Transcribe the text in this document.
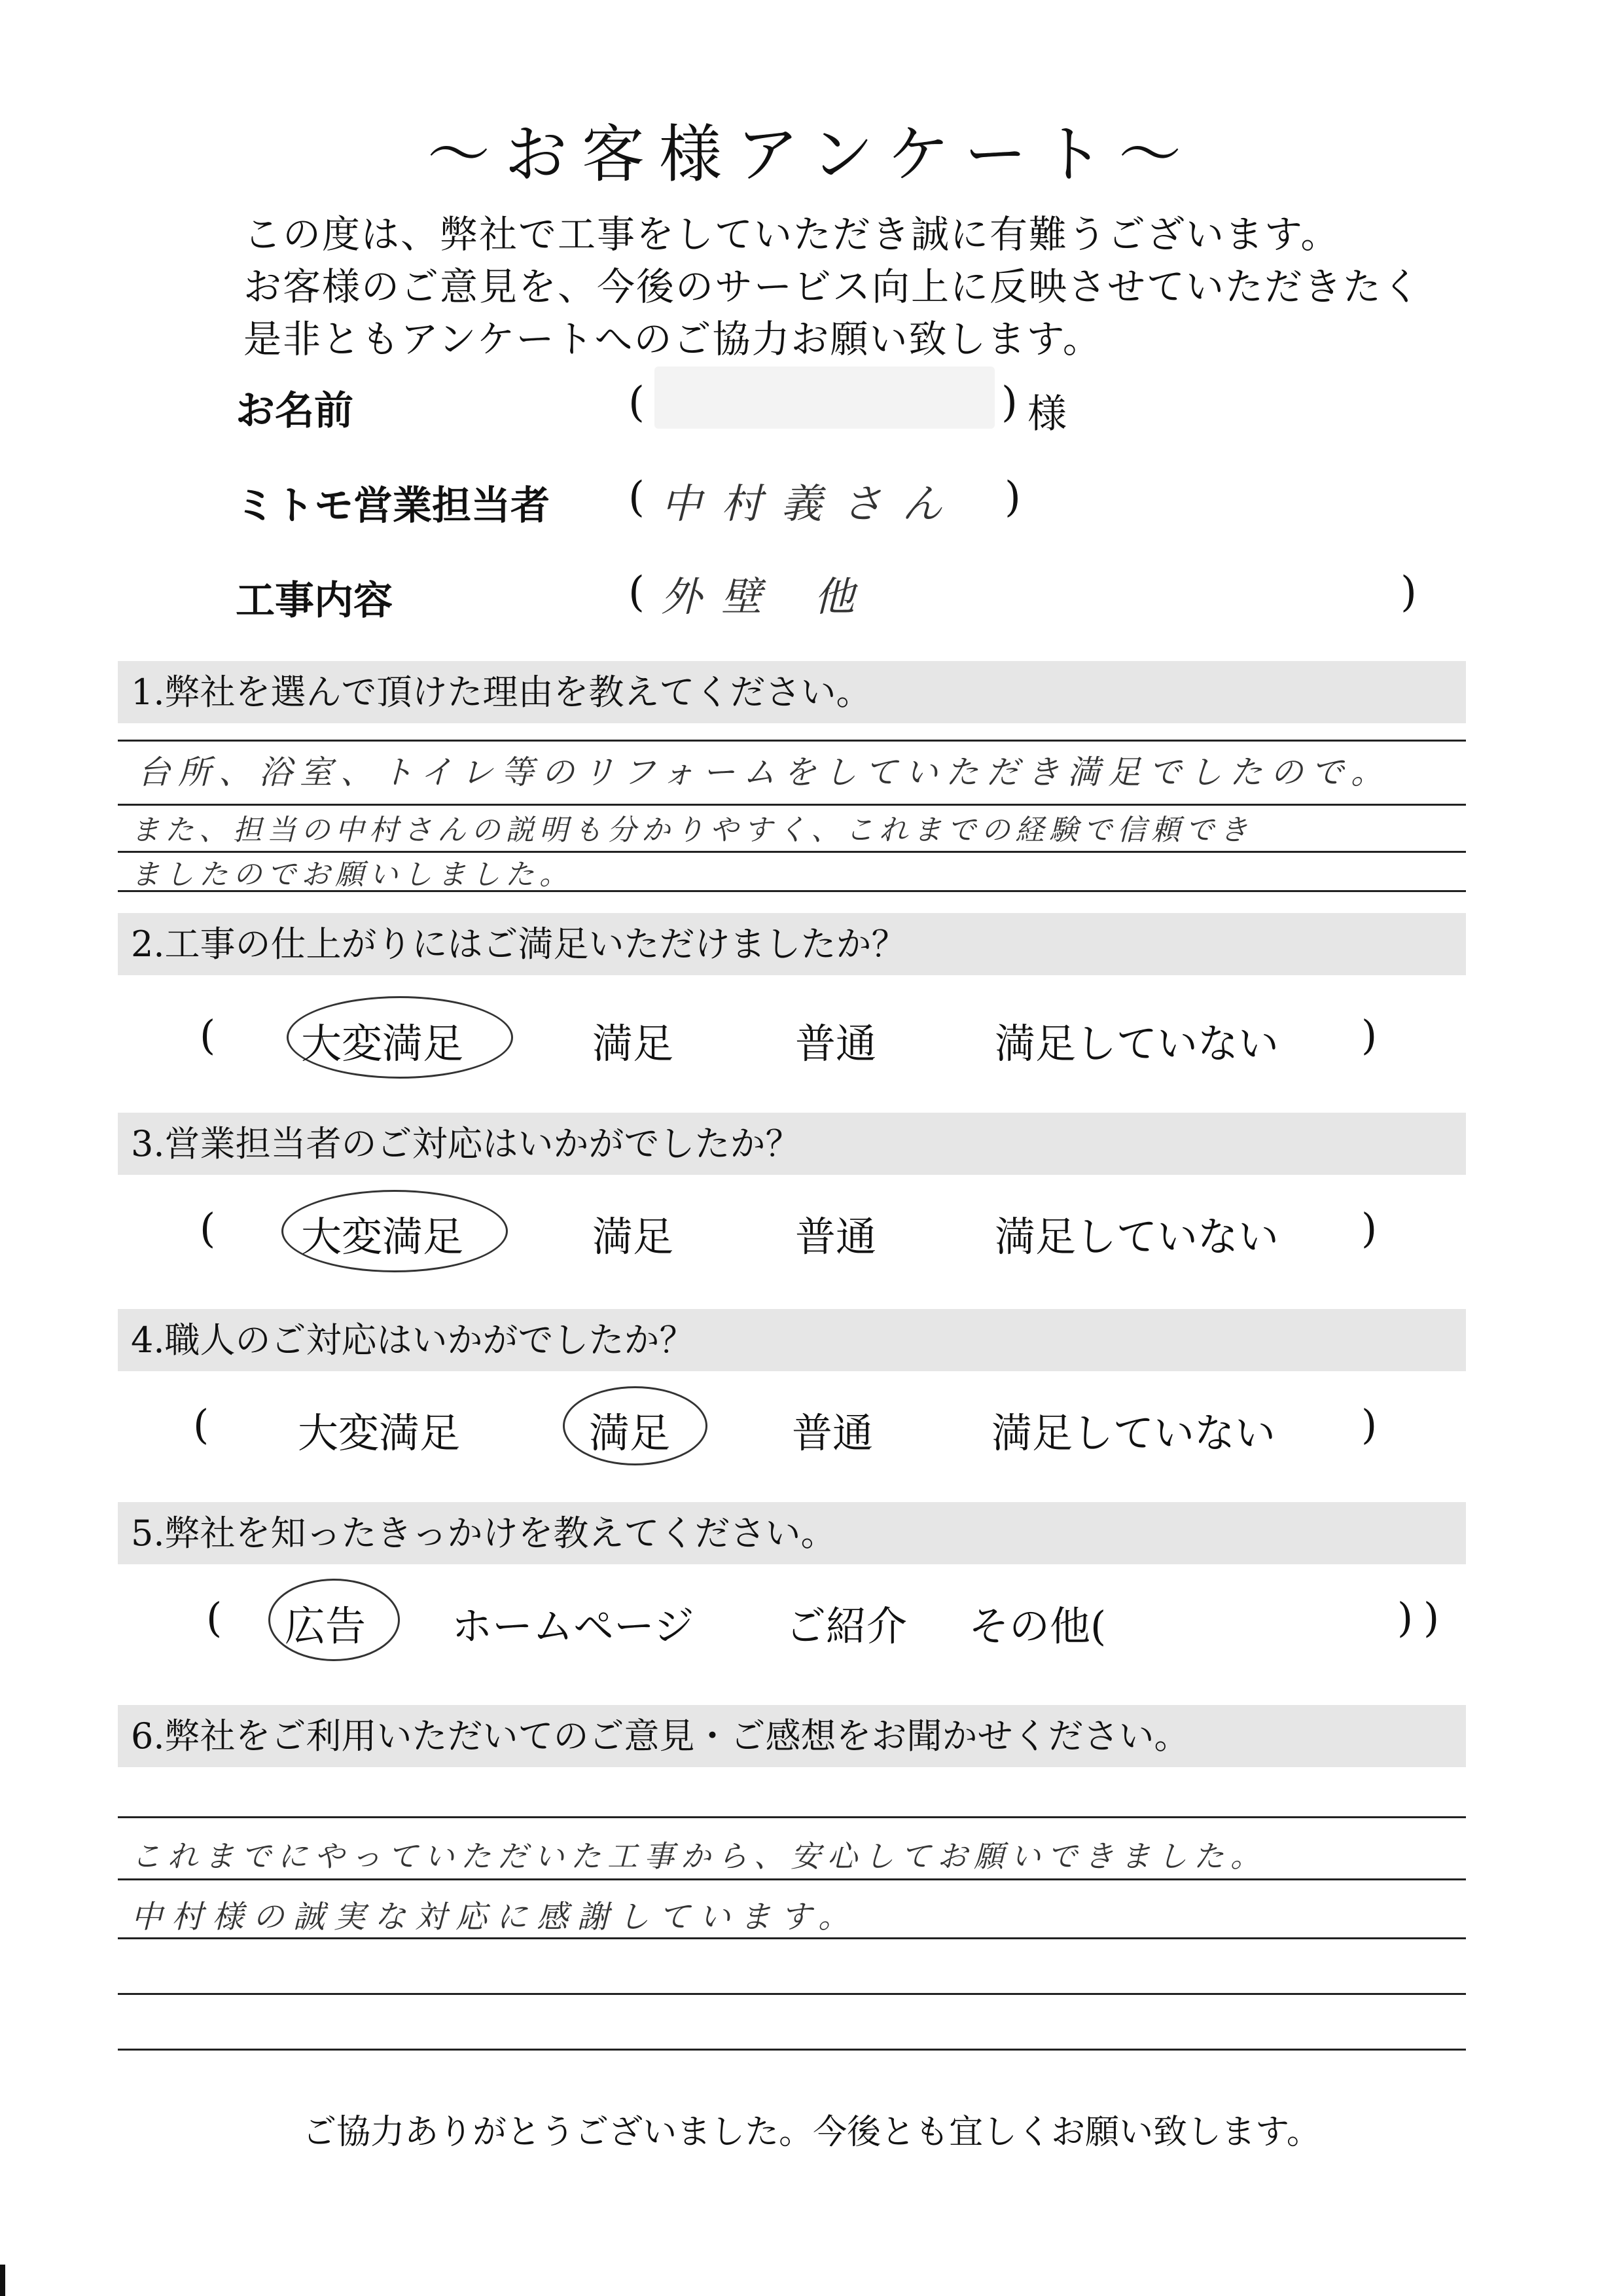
〜お客様アンケート〜
この度は、弊社で工事をしていただき誠に有難うございます。
お客様のご意見を、今後のサービス向上に反映させていただきたく
是非ともアンケートへのご協力お願い致します。
お名前	(	) 様
ミトモ営業担当者 ( 中村義さん )
工事内容	( 外壁 他	)
1.弊社を選んで頂けた理由を教えてください。
台所、浴室、トイレ等のリフォームをしていただき満足でしたので。
また、担当の中村さんの説明も分かりやすく、これまでの経験で信頼でき
ましたのでお願いしました。
2.工事の仕上がりにはご満足いただけましたか？
( 大変満足	満足	普通	満足していない )
3.営業担当者のご対応はいかがでしたか？
( 大変満足	満足	普通	満足していない )
4.職人のご対応はいかがでしたか？
( 大変満足	満足	普通	満足していない )
5.弊社を知ったきっかけを教えてください。
( 広告 ホームページ ご紹介 その他(	) )
6.弊社をご利用いただいてのご意見・ご感想をお聞かせください。
これまでにやっていただいた工事から、安心してお願いできました。
中村様の誠実な対応に感謝しています。
ご協力ありがとうございました。今後とも宜しくお願い致します。
